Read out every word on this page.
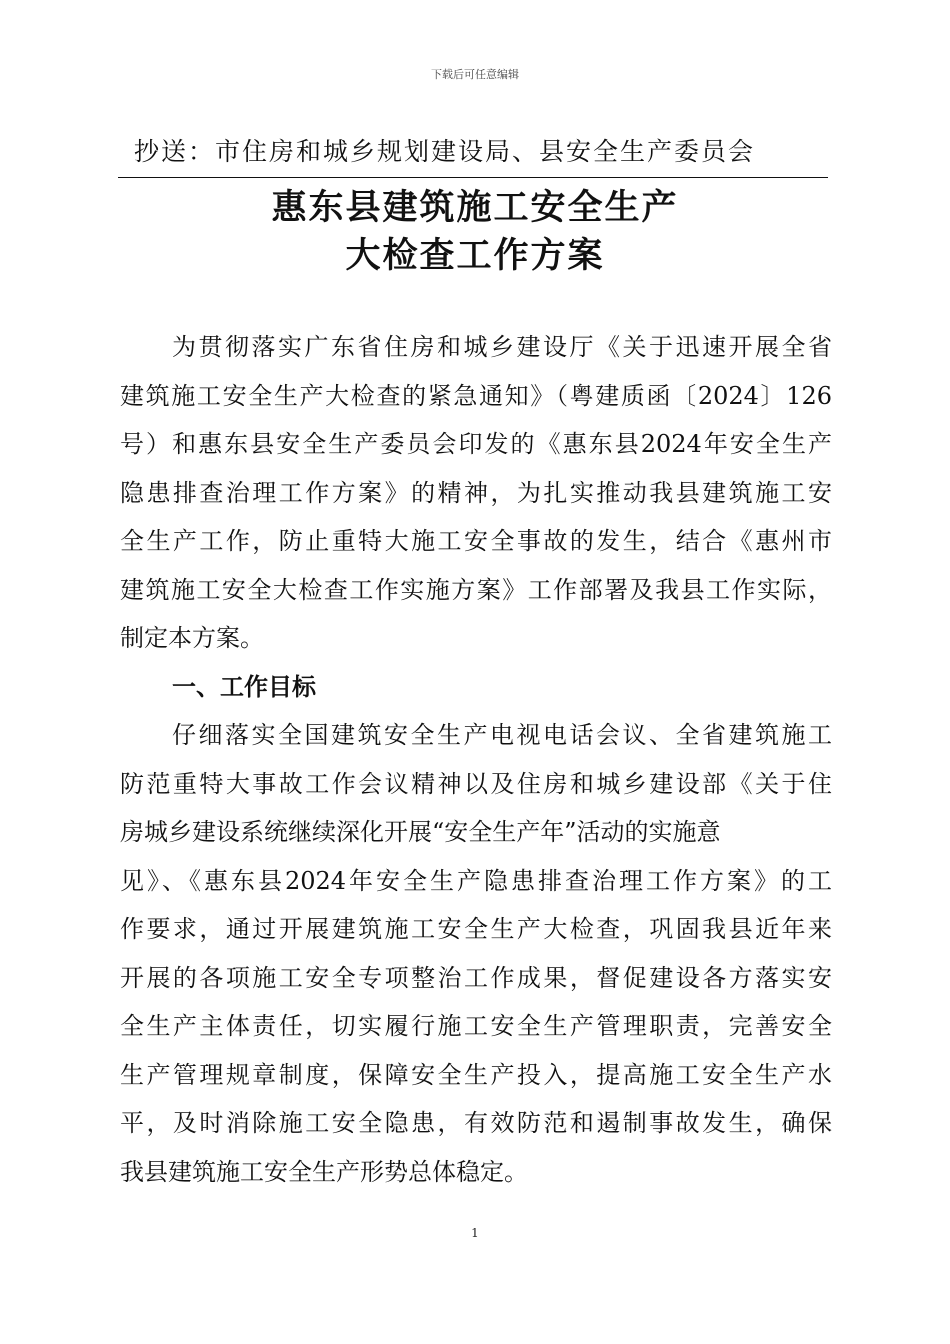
下载后可任意编辑
抄送：市住房和城乡规划建设局、县安全生产委员会
惠东县建筑施工安全生产
大检查工作方案
为贯彻落实广东省住房和城乡建设厅《关于迅速开展全省
建筑施工安全生产大检查的紧急通知》（粤建质函〔2024〕126
号）和惠东县安全生产委员会印发的《惠东县2024年安全生产
隐患排查治理工作方案》的精神，为扎实推动我县建筑施工安
全生产工作，防止重特大施工安全事故的发生，结合《惠州市
建筑施工安全大检查工作实施方案》工作部署及我县工作实际，
制定本方案。
一、工作目标
仔细落实全国建筑安全生产电视电话会议、全省建筑施工
防范重特大事故工作会议精神以及住房和城乡建设部《关于住
房城乡建设系统继续深化开展“安全生产年”活动的实施意
见》、《惠东县2024年安全生产隐患排查治理工作方案》的工
作要求，通过开展建筑施工安全生产大检查，巩固我县近年来
开展的各项施工安全专项整治工作成果，督促建设各方落实安
全生产主体责任，切实履行施工安全生产管理职责，完善安全
生产管理规章制度，保障安全生产投入，提高施工安全生产水
平，及时消除施工安全隐患，有效防范和遏制事故发生，确保
我县建筑施工安全生产形势总体稳定。
1
